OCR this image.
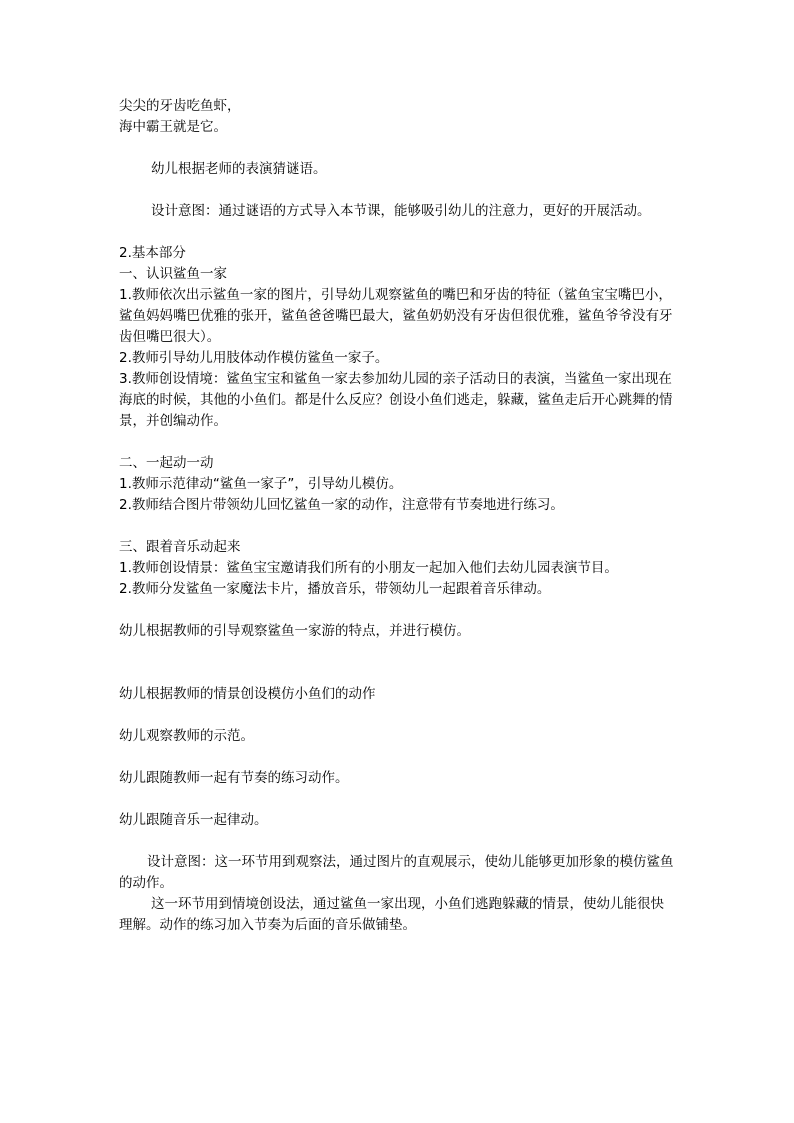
尖尖的牙齿吃鱼虾，

海中霸王就是它。

幼儿根据老师的表演猜谜语。

设计意图：通过谜语的方式导入本节课，能够吸引幼儿的注意力，更好的开展活动。

2.基本部分

一、认识鲨鱼一家

1.教师依次出示鲨鱼一家的图片，引导幼儿观察鲨鱼的嘴巴和牙齿的特征（鲨鱼宝宝嘴巴小，鲨鱼妈妈嘴巴优雅的张开，鲨鱼爸爸嘴巴最大，鲨鱼奶奶没有牙齿但很优雅，鲨鱼爷爷没有牙齿但嘴巴很大）。

2.教师引导幼儿用肢体动作模仿鲨鱼一家子。

3.教师创设情境：鲨鱼宝宝和鲨鱼一家去参加幼儿园的亲子活动日的表演，当鲨鱼一家出现在海底的时候，其他的小鱼们。都是什么反应？创设小鱼们逃走，躲藏，鲨鱼走后开心跳舞的情景，并创编动作。

二、一起动一动

1.教师示范律动“鲨鱼一家子”，引导幼儿模仿。

2.教师结合图片带领幼儿回忆鲨鱼一家的动作，注意带有节奏地进行练习。

三、跟着音乐动起来

1.教师创设情景：鲨鱼宝宝邀请我们所有的小朋友一起加入他们去幼儿园表演节目。

2.教师分发鲨鱼一家魔法卡片，播放音乐，带领幼儿一起跟着音乐律动。

幼儿根据教师的引导观察鲨鱼一家游的特点，并进行模仿。

幼儿根据教师的情景创设模仿小鱼们的动作

幼儿观察教师的示范。

幼儿跟随教师一起有节奏的练习动作。

幼儿跟随音乐一起律动。

设计意图：这一环节用到观察法，通过图片的直观展示，使幼儿能够更加形象的模仿鲨鱼的动作。

这一环节用到情境创设法，通过鲨鱼一家出现，小鱼们逃跑躲藏的情景，使幼儿能很快理解。动作的练习加入节奏为后面的音乐做铺垫。
